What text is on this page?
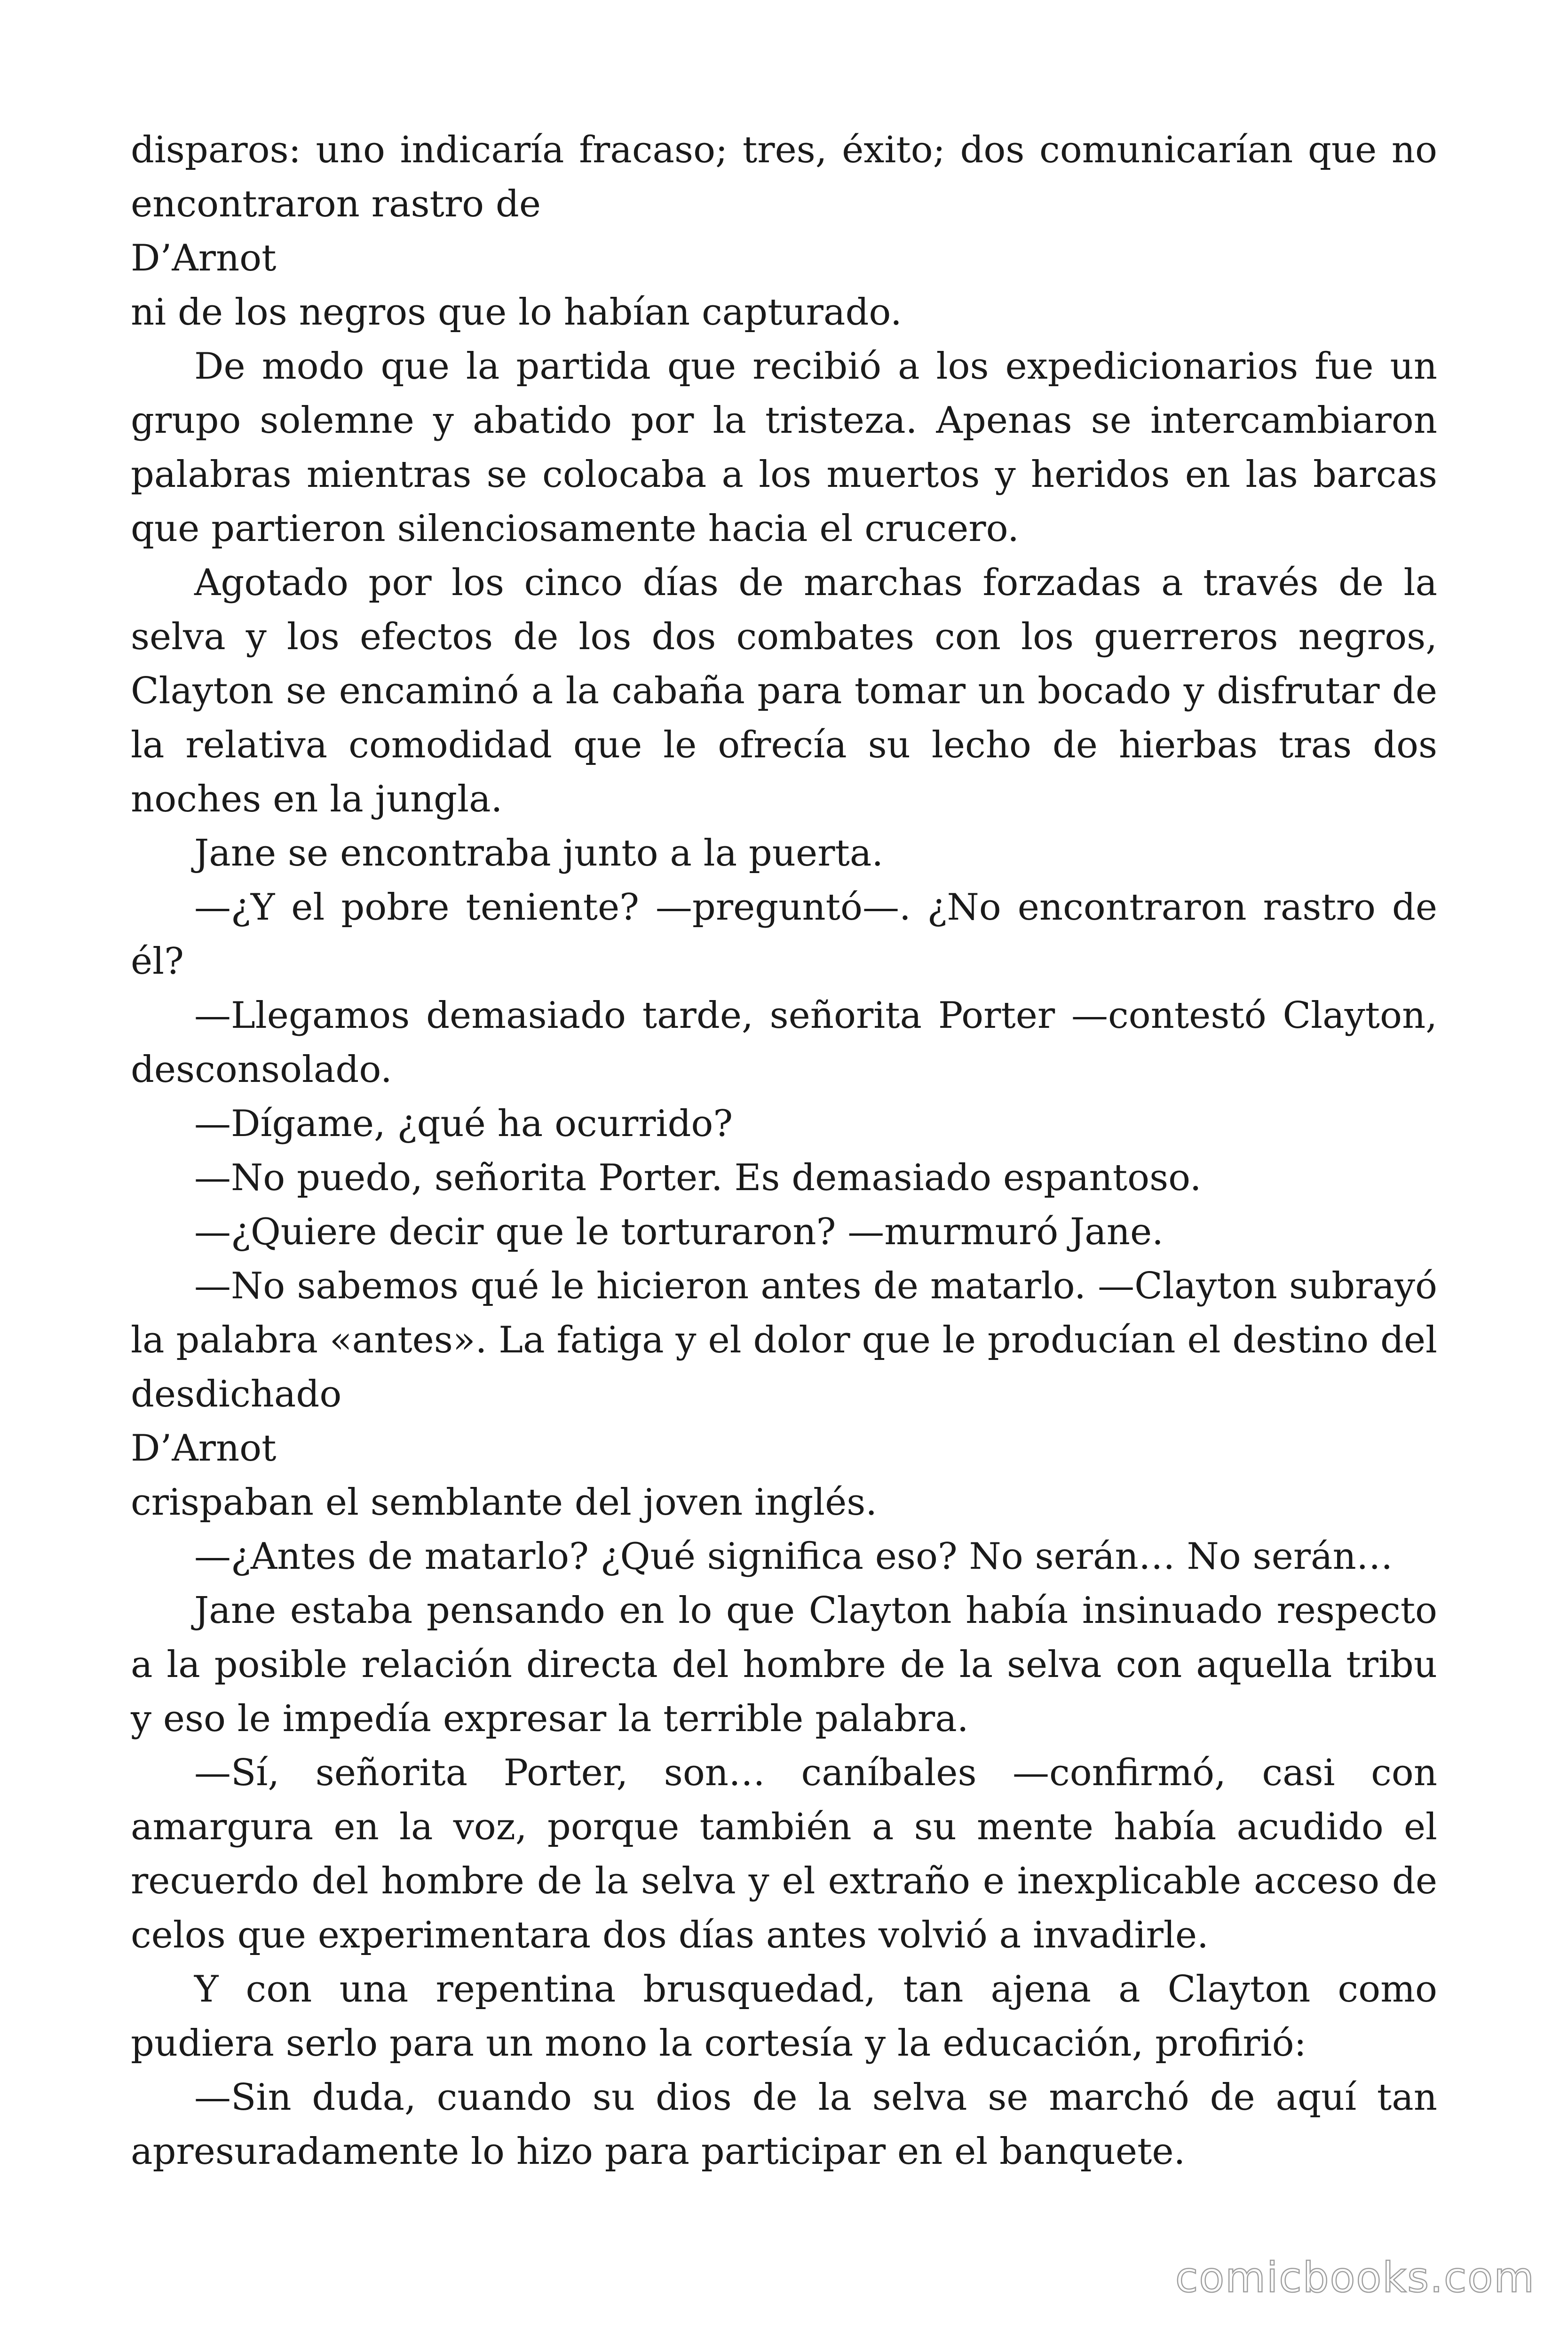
disparos: uno indicaría fracaso; tres, éxito; dos comunicarían que no encontraron rastro de

D’Arnot

ni de los negros que lo habían capturado.

De modo que la partida que recibió a los expedicionarios fue un grupo solemne y abatido por la tristeza. Apenas se intercambiaron palabras mientras se colocaba a los muertos y heridos en las barcas que partieron silenciosamente hacia el crucero.

Agotado por los cinco días de marchas forzadas a través de la selva y los efectos de los dos combates con los guerreros negros, Clayton se encaminó a la cabaña para tomar un bocado y disfrutar de la relativa comodidad que le ofrecía su lecho de hierbas tras dos noches en la jungla.

Jane se encontraba junto a la puerta.

—¿Y el pobre teniente? —preguntó—. ¿No encontraron rastro de él?

—Llegamos demasiado tarde, señorita Porter —contestó Clayton, desconsolado.

—Dígame, ¿qué ha ocurrido?

—No puedo, señorita Porter. Es demasiado espantoso.

—¿Quiere decir que le torturaron? —murmuró Jane.

—No sabemos qué le hicieron antes de matarlo. —Clayton subrayó la palabra «antes». La fatiga y el dolor que le producían el destino del desdichado

D’Arnot

crispaban el semblante del joven inglés.

—¿Antes de matarlo? ¿Qué significa eso? No serán… No serán…

Jane estaba pensando en lo que Clayton había insinuado respecto a la posible relación directa del hombre de la selva con aquella tribu y eso le impedía expresar la terrible palabra.

—Sí, señorita Porter, son… caníbales —confirmó, casi con amargura en la voz, porque también a su mente había acudido el recuerdo del hombre de la selva y el extraño e inexplicable acceso de celos que experimentara dos días antes volvió a invadirle.

Y con una repentina brusquedad, tan ajena a Clayton como pudiera serlo para un mono la cortesía y la educación, profirió:

—Sin duda, cuando su dios de la selva se marchó de aquí tan apresuradamente lo hizo para participar en el banquete.

comicbooks.com
